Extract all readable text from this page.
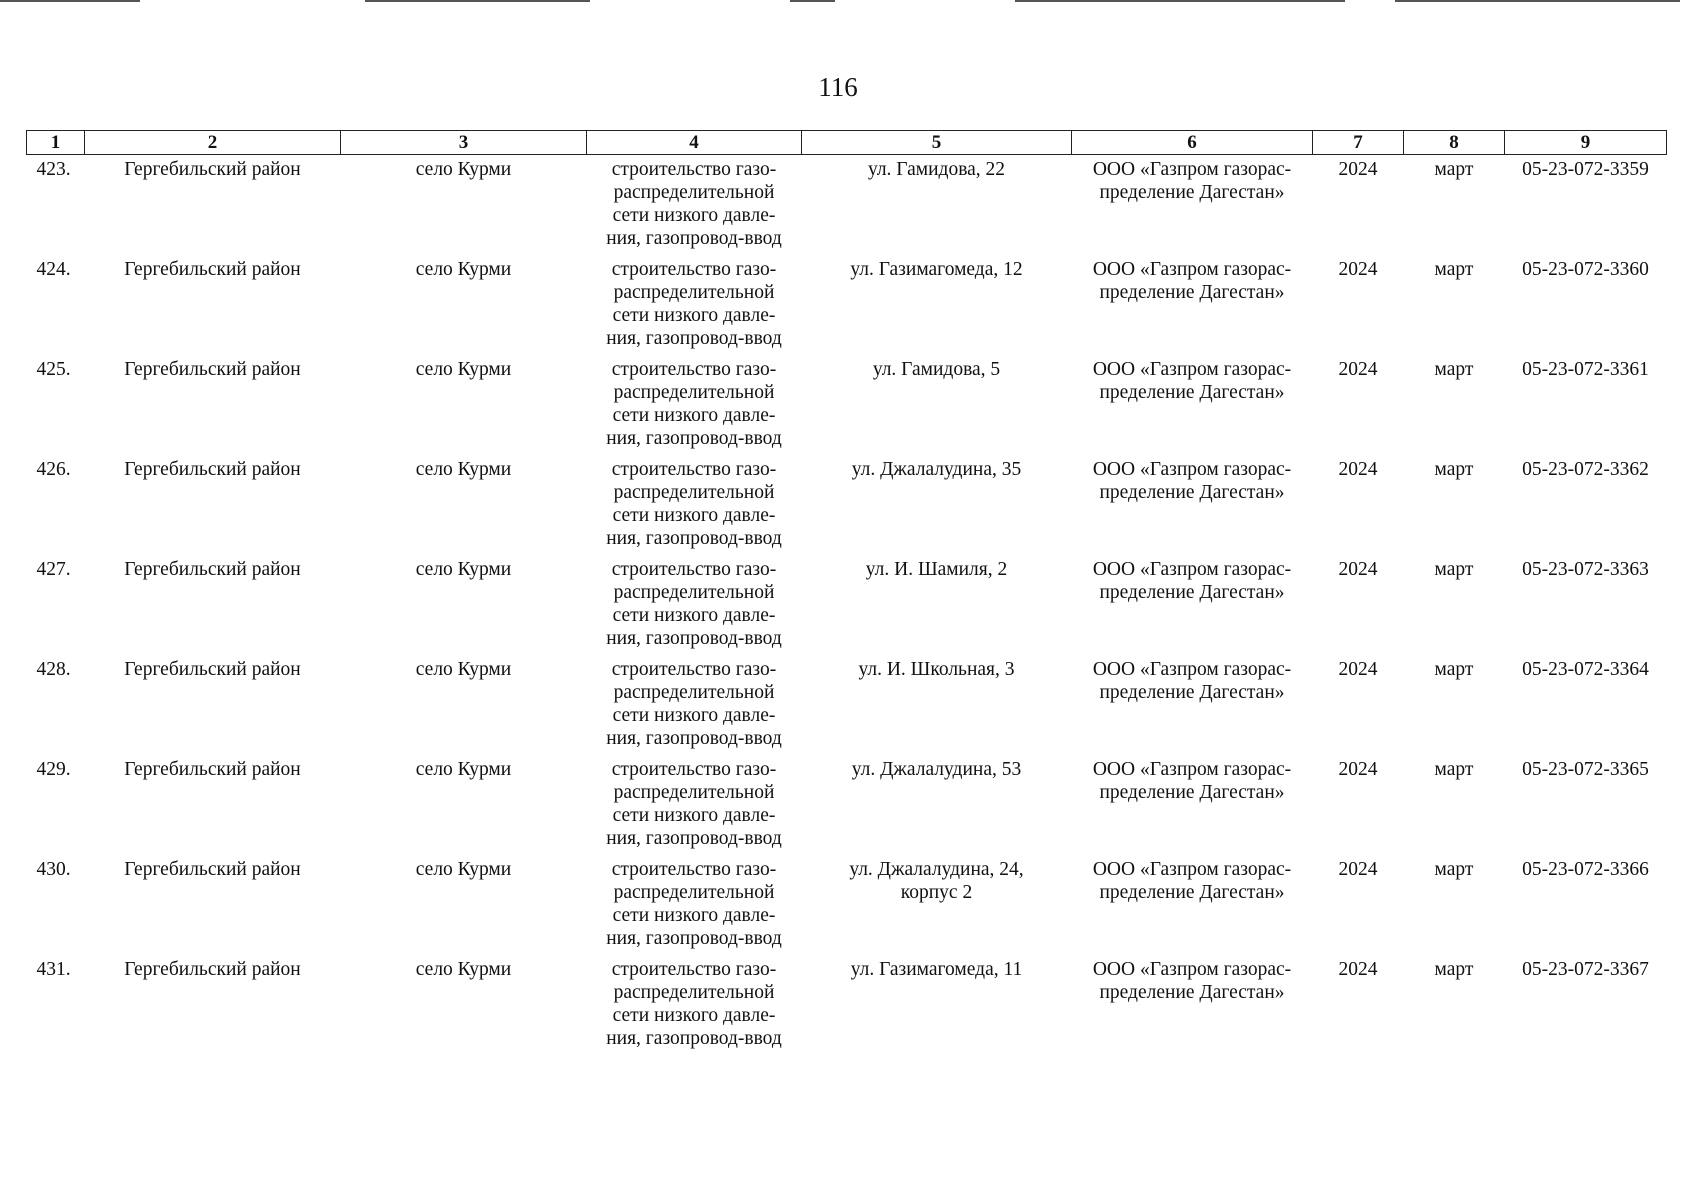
116
1	2	3	4	5	6	7	8	9
423.	Гергебильский район	село Курми	строительство газо-
распределительной
сети низкого давле-
ния, газопровод-ввод	ул. Гамидова, 22	ООО «Газпром газорас-
пределение Дагестан»	2024	март	05-23-072-3359
424.	Гергебильский район	село Курми	строительство газо-
распределительной
сети низкого давле-
ния, газопровод-ввод	ул. Газимагомеда, 12	ООО «Газпром газорас-
пределение Дагестан»	2024	март	05-23-072-3360
425.	Гергебильский район	село Курми	строительство газо-
распределительной
сети низкого давле-
ния, газопровод-ввод	ул. Гамидова, 5	ООО «Газпром газорас-
пределение Дагестан»	2024	март	05-23-072-3361
426.	Гергебильский район	село Курми	строительство газо-
распределительной
сети низкого давле-
ния, газопровод-ввод	ул. Джалалудина, 35	ООО «Газпром газорас-
пределение Дагестан»	2024	март	05-23-072-3362
427.	Гергебильский район	село Курми	строительство газо-
распределительной
сети низкого давле-
ния, газопровод-ввод	ул. И. Шамиля, 2	ООО «Газпром газорас-
пределение Дагестан»	2024	март	05-23-072-3363
428.	Гергебильский район	село Курми	строительство газо-
распределительной
сети низкого давле-
ния, газопровод-ввод	ул. И. Школьная, 3	ООО «Газпром газорас-
пределение Дагестан»	2024	март	05-23-072-3364
429.	Гергебильский район	село Курми	строительство газо-
распределительной
сети низкого давле-
ния, газопровод-ввод	ул. Джалалудина, 53	ООО «Газпром газорас-
пределение Дагестан»	2024	март	05-23-072-3365
430.	Гергебильский район	село Курми	строительство газо-
распределительной
сети низкого давле-
ния, газопровод-ввод	ул. Джалалудина, 24,
корпус 2	ООО «Газпром газорас-
пределение Дагестан»	2024	март	05-23-072-3366
431.	Гергебильский район	село Курми	строительство газо-
распределительной
сети низкого давле-
ния, газопровод-ввод	ул. Газимагомеда, 11	ООО «Газпром газорас-
пределение Дагестан»	2024	март	05-23-072-3367
